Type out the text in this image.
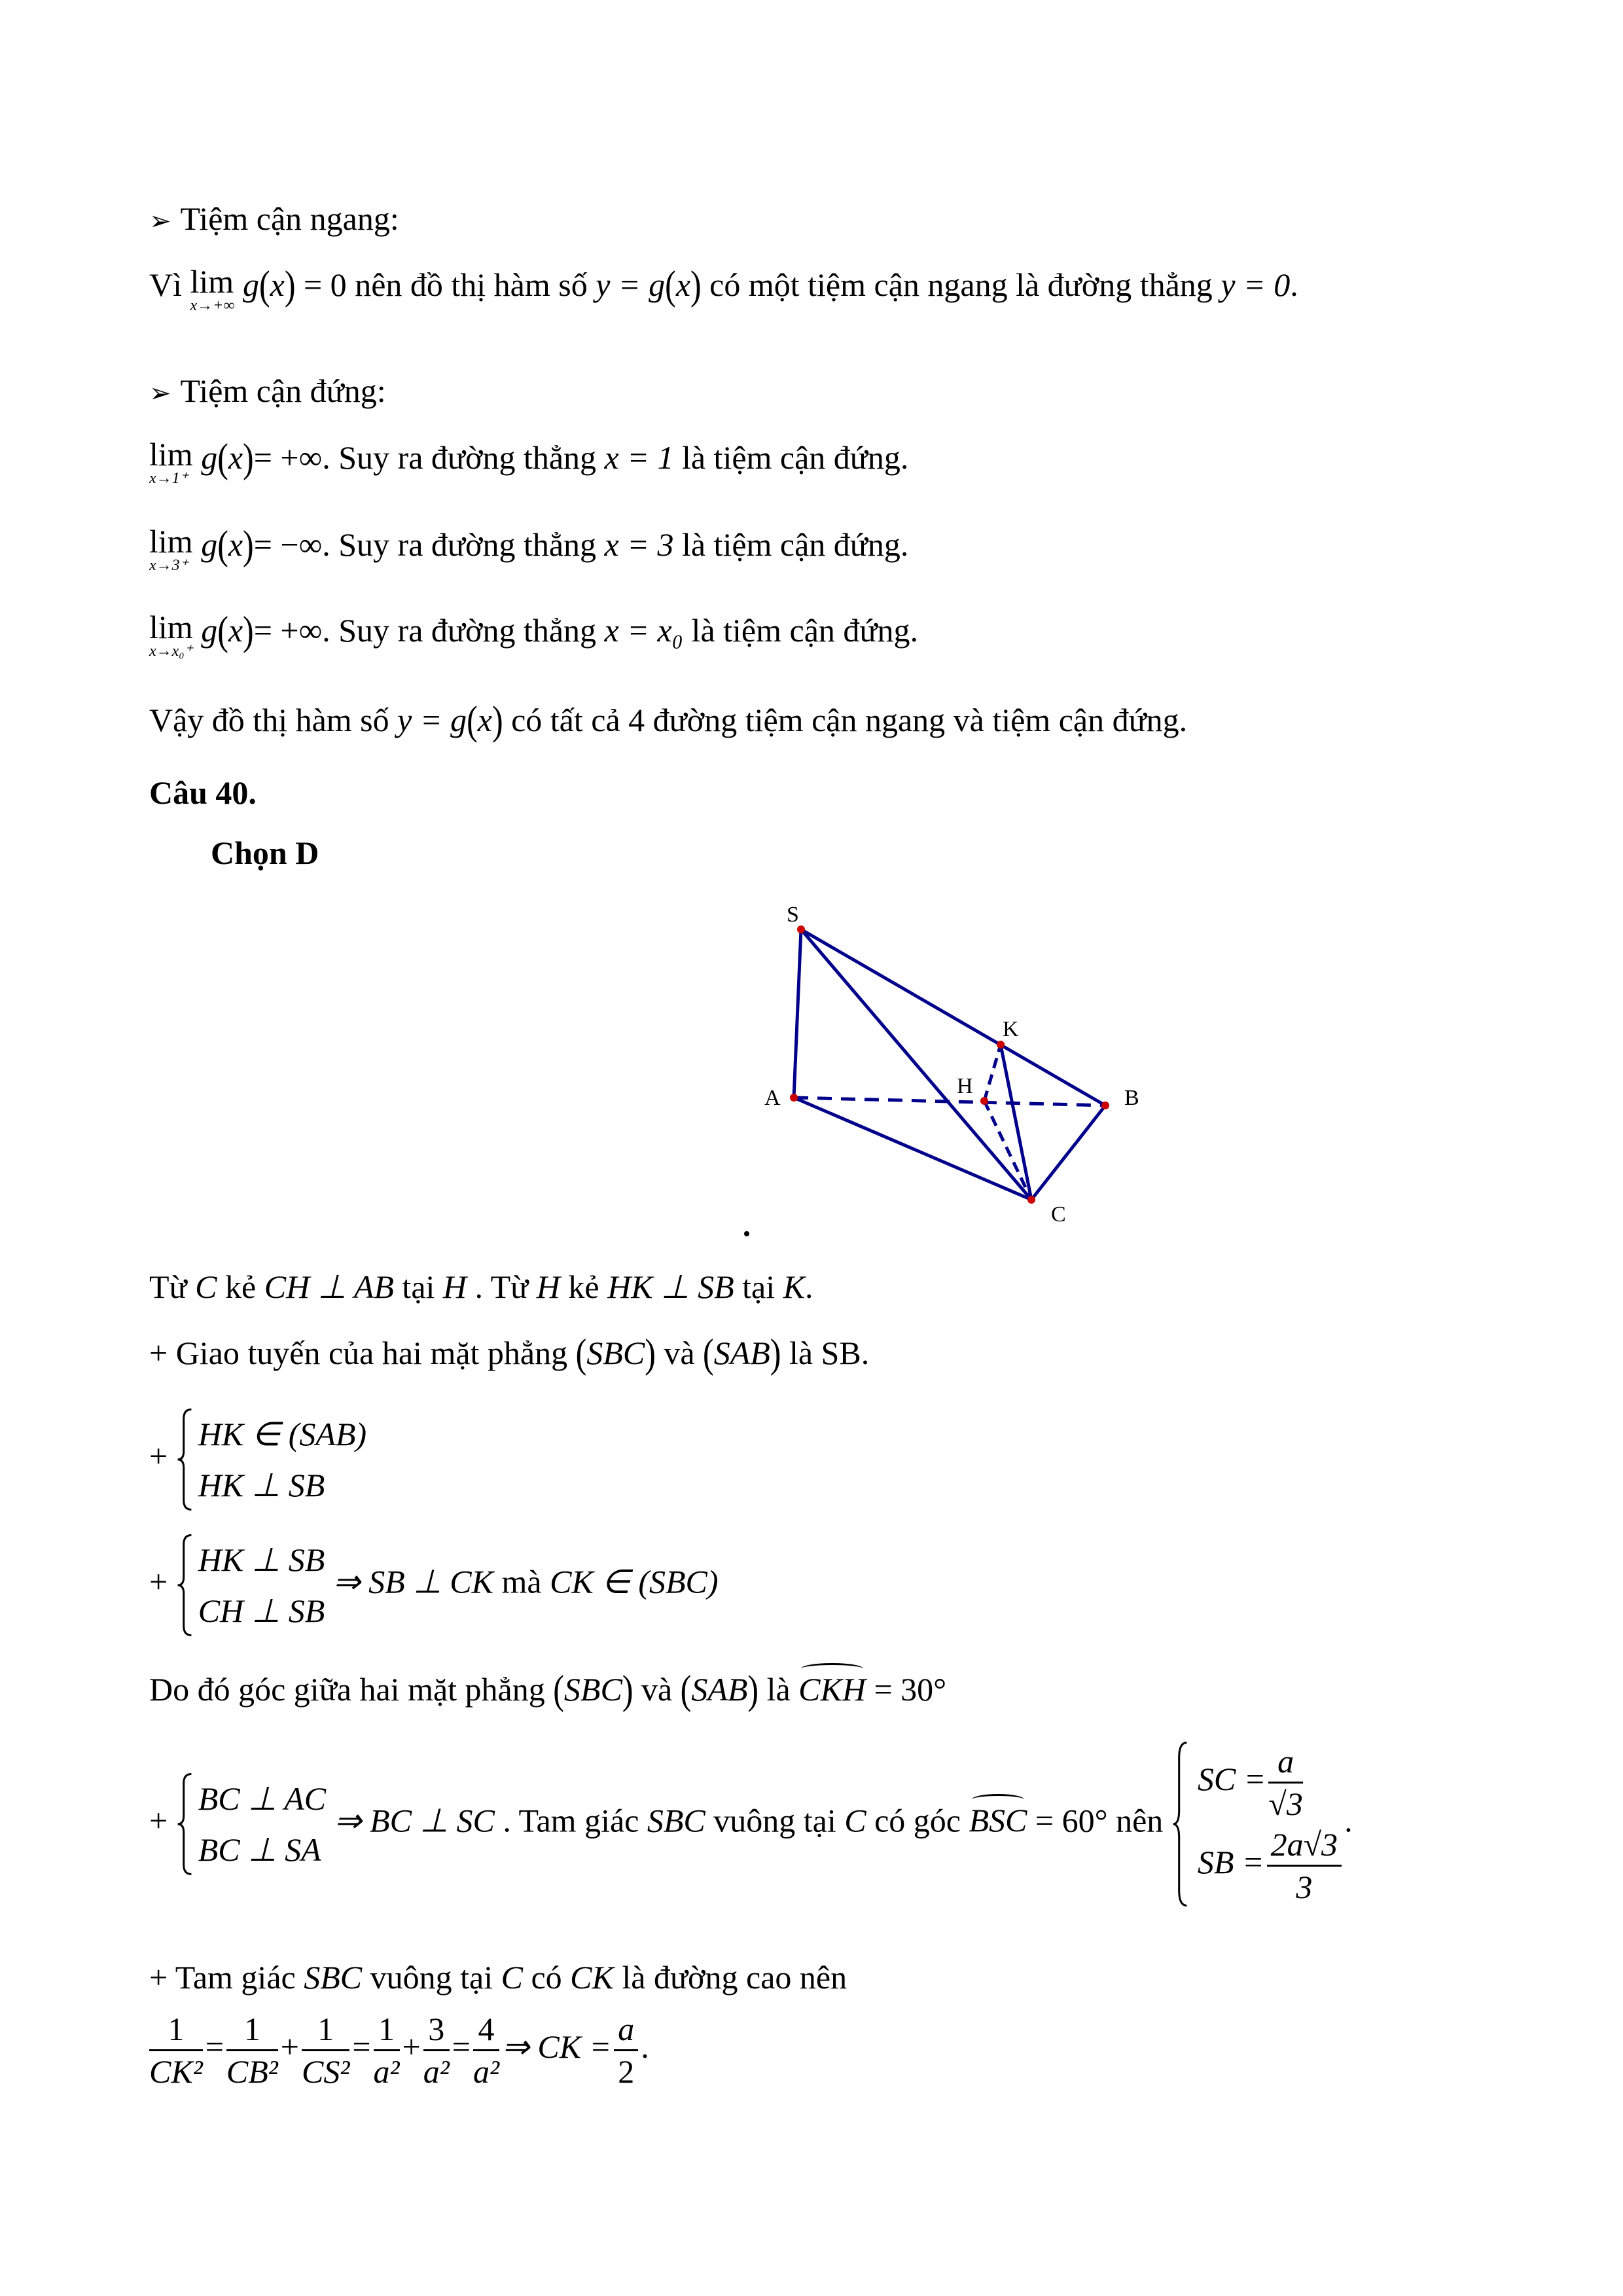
➢ Tiệm cận ngang:
Vì lim
x→+∞
g(x) = 0 nên đồ thị hàm số y = g(x) có một tiệm cận ngang là đường thẳng y = 0.
➢ Tiệm cận đứng:
lim
x→1⁺
g(x)= +∞. Suy ra đường thẳng x = 1 là tiệm cận đứng.
lim
x→3⁺
g(x)= −∞. Suy ra đường thẳng x = 3 là tiệm cận đứng.
lim
x→x₀⁺
g(x)= +∞. Suy ra đường thẳng x = x₀ là tiệm cận đứng.
Vậy đồ thị hàm số y = g(x) có tất cả 4 đường tiệm cận ngang và tiệm cận đứng.
Câu 40.
Chọn D
S
A
K
H	B
C
Từ C kẻ CH ⊥ AB tại H . Từ H kẻ HK ⊥ SB tại K.
+ Giao tuyến của hai mặt phẳng (SBC) và (SAB) là SB.
+
HK ∈ (SAB)
HK ⊥ SB
+
HK ⊥ SB
CH ⊥ SB
⇒ SB ⊥ CK mà CK ∈ (SBC)
Do đó góc giữa hai mặt phẳng (SBC) và (SAB) là CKH = 30°
+
BC ⊥ AC
BC ⊥ SA
⇒ BC ⊥ SC . Tam giác SBC vuông tại C có góc BSC = 60° nên
SC = $\frac{a}{√3}$
SB = $\frac{2a√3}{3}$
.
+ Tam giác SBC vuông tại C có CK là đường cao nên
$\frac{1}{\text{CK²}} = \frac{1}{\text{CB²}} + \frac{1}{\text{CS²}} = \frac{1}{\text{a²}} + \frac{3}{\text{a²}} = \frac{4}{\text{a²}}$ ⇒ CK = $\frac{a}{2}$ .
